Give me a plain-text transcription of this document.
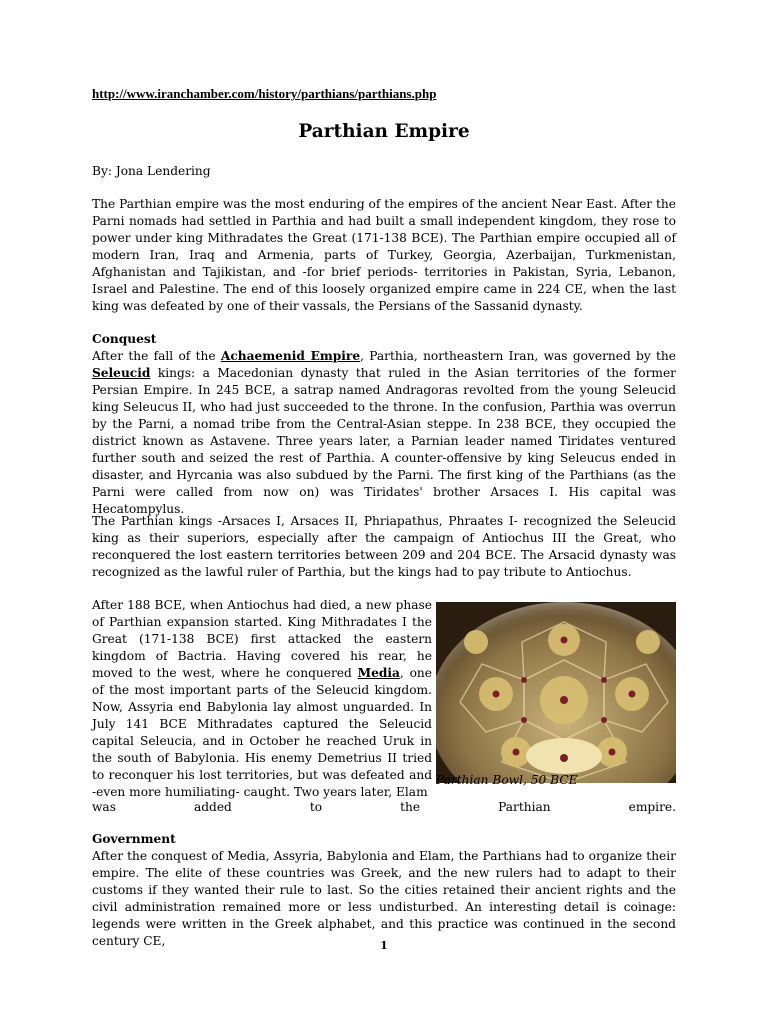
http://www.iranchamber.com/history/parthians/parthians.php
Parthian Empire
By: Jona Lendering
The Parthian empire was the most enduring of the empires of the ancient Near East. After the Parni nomads had settled in Parthia and had built a small independent kingdom, they rose to power under king Mithradates the Great (171-138 BCE). The Parthian empire occupied all of modern Iran, Iraq and Armenia, parts of Turkey, Georgia, Azerbaijan, Turkmenistan, Afghanistan and Tajikistan, and -for brief periods- territories in Pakistan, Syria, Lebanon, Israel and Palestine. The end of this loosely organized empire came in 224 CE, when the last king was defeated by one of their vassals, the Persians of the Sassanid dynasty.
Conquest
After the fall of the Achaemenid Empire, Parthia, northeastern Iran, was governed by the Seleucid kings: a Macedonian dynasty that ruled in the Asian territories of the former Persian Empire. In 245 BCE, a satrap named Andragoras revolted from the young Seleucid king Seleucus II, who had just succeeded to the throne. In the confusion, Parthia was overrun by the Parni, a nomad tribe from the Central-Asian steppe. In 238 BCE, they occupied the district known as Astavene. Three years later, a Parnian leader named Tiridates ventured further south and seized the rest of Parthia. A counter-offensive by king Seleucus ended in disaster, and Hyrcania was also subdued by the Parni. The first king of the Parthians (as the Parni were called from now on) was Tiridates' brother Arsaces I. His capital was Hecatompylus.
The Parthian kings -Arsaces I, Arsaces II, Phriapathus, Phraates I- recognized the Seleucid king as their superiors, especially after the campaign of Antiochus III the Great, who reconquered the lost eastern territories between 209 and 204 BCE. The Arsacid dynasty was recognized as the lawful ruler of Parthia, but the kings had to pay tribute to Antiochus.
After 188 BCE, when Antiochus had died, a new phase of Parthian expansion started. King Mithradates I the Great (171-138 BCE) first attacked the eastern kingdom of Bactria. Having covered his rear, he moved to the west, where he conquered Media, one of the most important parts of the Seleucid kingdom. Now, Assyria end Babylonia lay almost unguarded. In July 141 BCE Mithradates captured the Seleucid capital Seleucia, and in October he reached Uruk in the south of Babylonia. His enemy Demetrius II tried to reconquer his lost territories, but was defeated and -even more humiliating- caught. Two years later, Elam
was added to the Parthian empire.
Parthian Bowl, 50 BCE
Government
After the conquest of Media, Assyria, Babylonia and Elam, the Parthians had to organize their empire. The elite of these countries was Greek, and the new rulers had to adapt to their customs if they wanted their rule to last. So the cities retained their ancient rights and the civil administration remained more or less undisturbed. An interesting detail is coinage: legends were written in the Greek alphabet, and this practice was continued in the second century CE,	1
